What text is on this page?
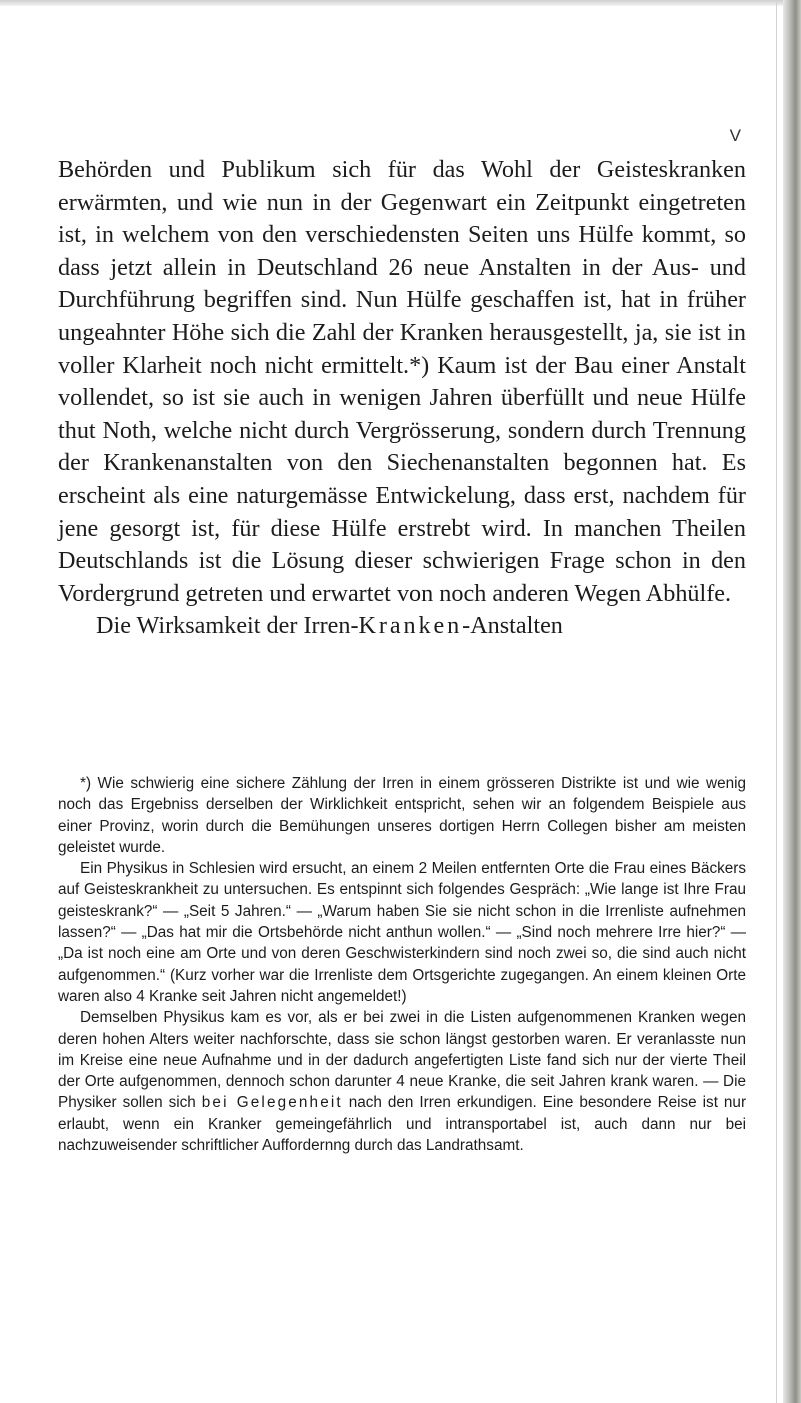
V

Behörden und Publikum sich für das Wohl der Geisteskranken erwärmten, und wie nun in der Gegenwart ein Zeitpunkt eingetreten ist, in welchem von den verschiedensten Seiten uns Hülfe kommt, so dass jetzt allein in Deutschland 26 neue Anstalten in der Aus- und Durchführung begriffen sind. Nun Hülfe geschaffen ist, hat in früher ungeahnter Höhe sich die Zahl der Kranken herausgestellt, ja, sie ist in voller Klarheit noch nicht ermittelt.*) Kaum ist der Bau einer Anstalt vollendet, so ist sie auch in wenigen Jahren überfüllt und neue Hülfe thut Noth, welche nicht durch Vergrösserung, sondern durch Trennung der Krankenanstalten von den Siechenanstalten begonnen hat. Es erscheint als eine naturgemässe Entwickelung, dass erst, nachdem für jene gesorgt ist, für diese Hülfe erstrebt wird. In manchen Theilen Deutschlands ist die Lösung dieser schwierigen Frage schon in den Vordergrund getreten und erwartet von noch anderen Wegen Abhülfe.

Die Wirksamkeit der Irren-Kranken-Anstalten

*) Wie schwierig eine sichere Zählung der Irren in einem grösseren Distrikte ist und wie wenig noch das Ergebniss derselben der Wirklichkeit entspricht, sehen wir an folgendem Beispiele aus einer Provinz, worin durch die Bemühungen unseres dortigen Herrn Collegen bisher am meisten geleistet wurde.

Ein Physikus in Schlesien wird ersucht, an einem 2 Meilen entfernten Orte die Frau eines Bäckers auf Geisteskrankheit zu untersuchen. Es entspinnt sich folgendes Gespräch: „Wie lange ist Ihre Frau geisteskrank?“ — „Seit 5 Jahren.“ — „Warum haben Sie sie nicht schon in die Irrenliste aufnehmen lassen?“ — „Das hat mir die Ortsbehörde nicht anthun wollen.“ — „Sind noch mehrere Irre hier?“ — „Da ist noch eine am Orte und von deren Geschwisterkindern sind noch zwei so, die sind auch nicht aufgenommen.“ (Kurz vorher war die Irrenliste dem Ortsgerichte zugegangen. An einem kleinen Orte waren also 4 Kranke seit Jahren nicht angemeldet!)

Demselben Physikus kam es vor, als er bei zwei in die Listen aufgenommenen Kranken wegen deren hohen Alters weiter nachforschte, dass sie schon längst gestorben waren. Er veranlasste nun im Kreise eine neue Aufnahme und in der dadurch angefertigten Liste fand sich nur der vierte Theil der Orte aufgenommen, dennoch schon darunter 4 neue Kranke, die seit Jahren krank waren. — Die Physiker sollen sich bei Gelegenheit nach den Irren erkundigen. Eine besondere Reise ist nur erlaubt, wenn ein Kranker gemeingefährlich und intransportabel ist, auch dann nur bei nachzuweisender schriftlicher Auffordernng durch das Landrathsamt.
